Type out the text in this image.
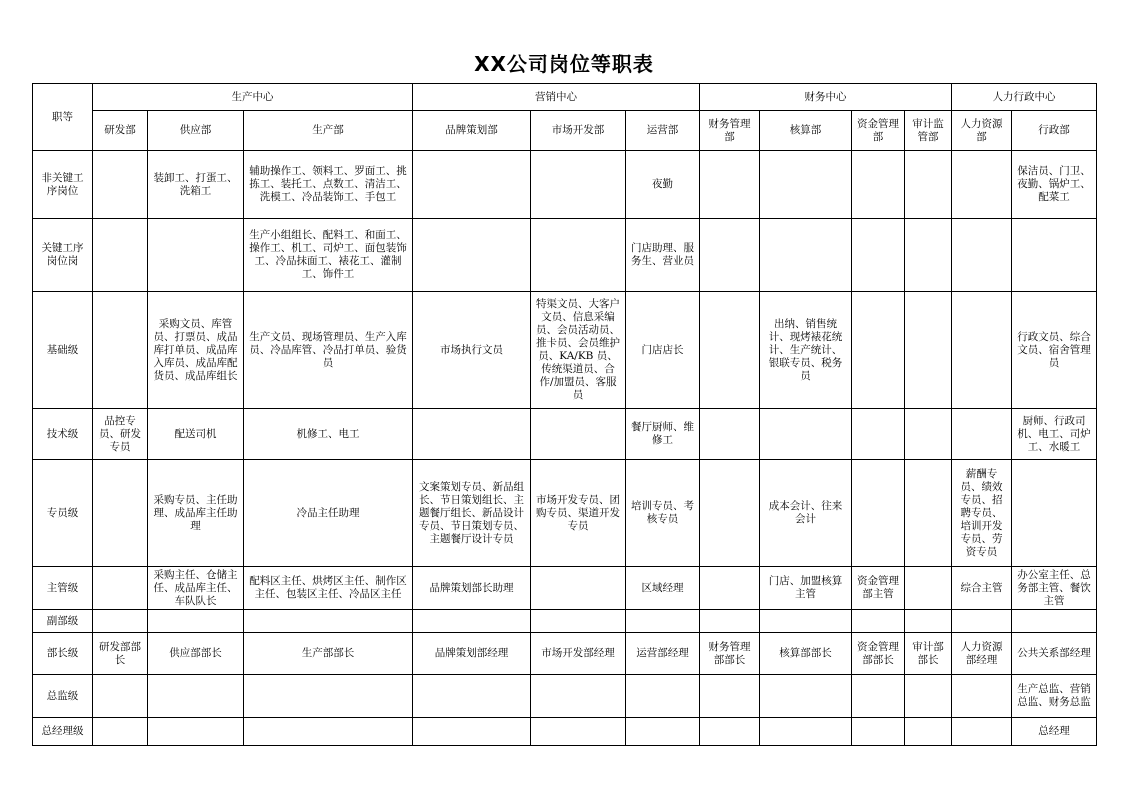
XX公司岗位等职表
职等	生产中心			营销中心			财务中心				人力行政中心	
	研发部	供应部	生产部	品牌策划部	市场开发部	运营部	财务管理部	核算部	资金管理部	审计监管部	人力资源部	行政部
非关键工序岗位		装卸工、打蛋工、洗箱工	辅助操作工、领料工、罗面工、挑拣工、装托工、点数工、清洁工、洗模工、冷品装饰工、手包工			夜勤						保洁员、门卫、夜勤、锅炉工、配菜工
关键工序岗位岗			生产小组组长、配料工、和面工、操作工、机工、司炉工、面包装饰工、冷品抹面工、裱花工、灌制工、饰件工			门店助理、服务生、营业员						
基础级		采购文员、库管员、打票员、成品库打单员、成品库入库员、成品库配货员、成品库组长	生产文员、现场管理员、生产入库员、冷品库管、冷品打单员、验货员	市场执行文员	特渠文员、大客户文员、信息采编员、会员活动员、推卡员、会员维护员、KA/KB 员、传统渠道员、合作/加盟员、客服员	门店店长		出纳、销售统计、现烤裱花统计、生产统计、银联专员、税务员				行政文员、综合文员、宿舍管理员
技术级	品控专员、研发专员	配送司机	机修工、电工			餐厅厨师、维修工						厨师、行政司机、电工、司炉工、水暖工
专员级		采购专员、主任助理、成品库主任助理	冷品主任助理	文案策划专员、新品组长、节日策划组长、主题餐厅组长、新品设计专员、节日策划专员、主题餐厅设计专员	市场开发专员、团购专员、渠道开发专员	培训专员、考核专员		成本会计、往来会计			薪酬专员、绩效专员、招聘专员、培训开发专员、劳资专员	
主管级		采购主任、仓储主任、成品库主任、车队队长	配料区主任、烘烤区主任、制作区主任、包装区主任、冷品区主任	品牌策划部长助理		区域经理		门店、加盟核算主管	资金管理部主管		综合主管	办公室主任、总务部主管、餐饮主管
副部级												
部长级	研发部部长	供应部部长	生产部部长	品牌策划部经理	市场开发部经理	运营部经理	财务管理部部长	核算部部长	资金管理部部长	审计部部长	人力资源部经理	公共关系部经理
总监级												生产总监、营销总监、财务总监
总经理级												总经理
